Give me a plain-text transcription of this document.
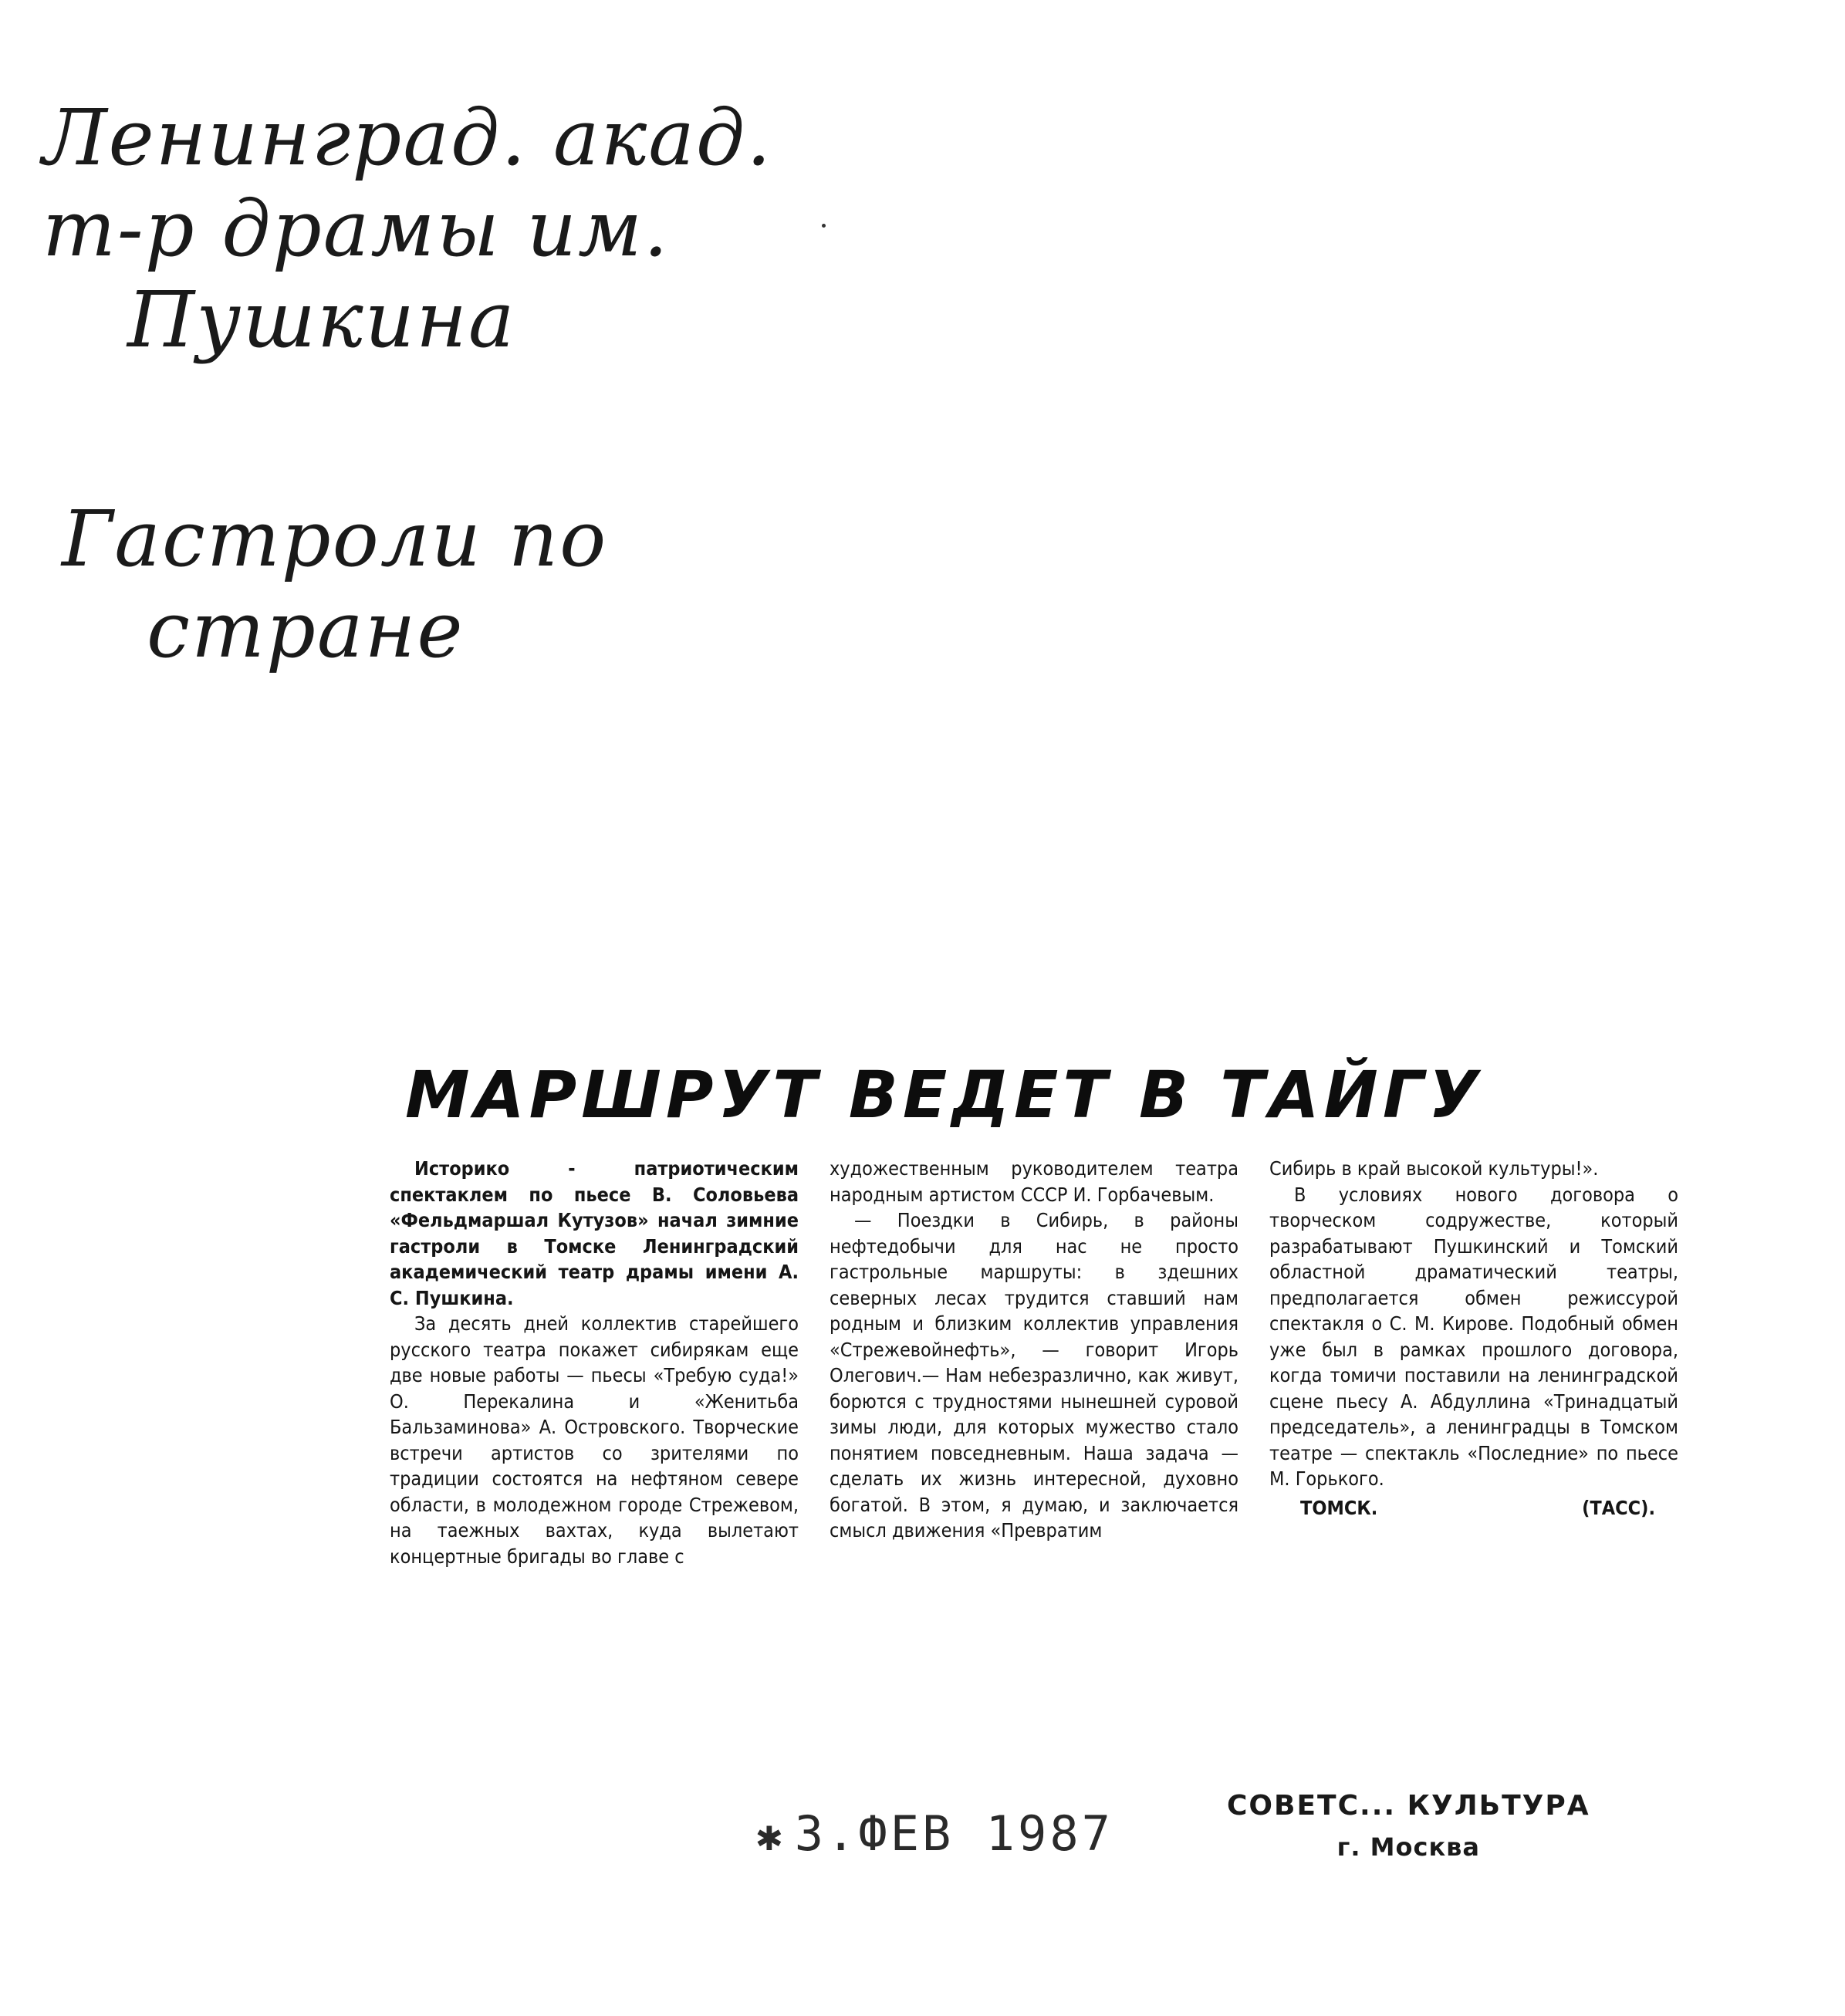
Ленинград. акад.
т-р драмы им.
Пушкина
Гастроли по
стране
МАРШРУТ ВЕДЕТ В ТАЙГУ

Историко - патриотическим спектаклем по пьесе В. Соловьева «Фельдмаршал Кутузов» начал зимние гастроли в Томске Ленинградский академический театр драмы имени А. С. Пушкина.

За десять дней коллектив старейшего русского театра покажет сибирякам еще две новые работы — пьесы «Требую суда!» О. Перекалина и «Женитьба Бальзаминова» А. Островского. Творческие встречи артистов со зрителями по традиции состоятся на нефтяном севере области, в молодежном городе Стрежевом, на таежных вахтах, куда вылетают концертные бригады во главе с

художественным руководителем театра народным артистом СССР И. Горбачевым.

— Поездки в Сибирь, в районы нефтедобычи для нас не просто гастрольные маршруты: в здешних северных лесах трудится ставший нам родным и близким коллектив управления «Стрежевойнефть», — говорит Игорь Олегович.— Нам небезразлично, как живут, борются с трудностями нынешней суровой зимы люди, для которых мужество стало понятием повседневным. Наша задача — сделать их жизнь интересной, духовно богатой. В этом, я думаю, и заключается смысл движения «Превратим

Сибирь в край высокой культуры!».

В условиях нового договора о творческом содружестве, который разрабатывают Пушкинский и Томский областной драматический театры, предполагается обмен режиссурой спектакля о С. М. Кирове. Подобный обмен уже был в рамках прошлого договора, когда томичи поставили на ленинградской сцене пьесу А. Абдуллина «Тринадцатый председатель», а ленинградцы в Томском театре — спектакль «Последние» по пьесе М. Горького.

ТОМСК.	(ТАСС).
✱ 3.ФЕВ 1987	СОВЕТС... КУЛЬТУРА
г. Москва
